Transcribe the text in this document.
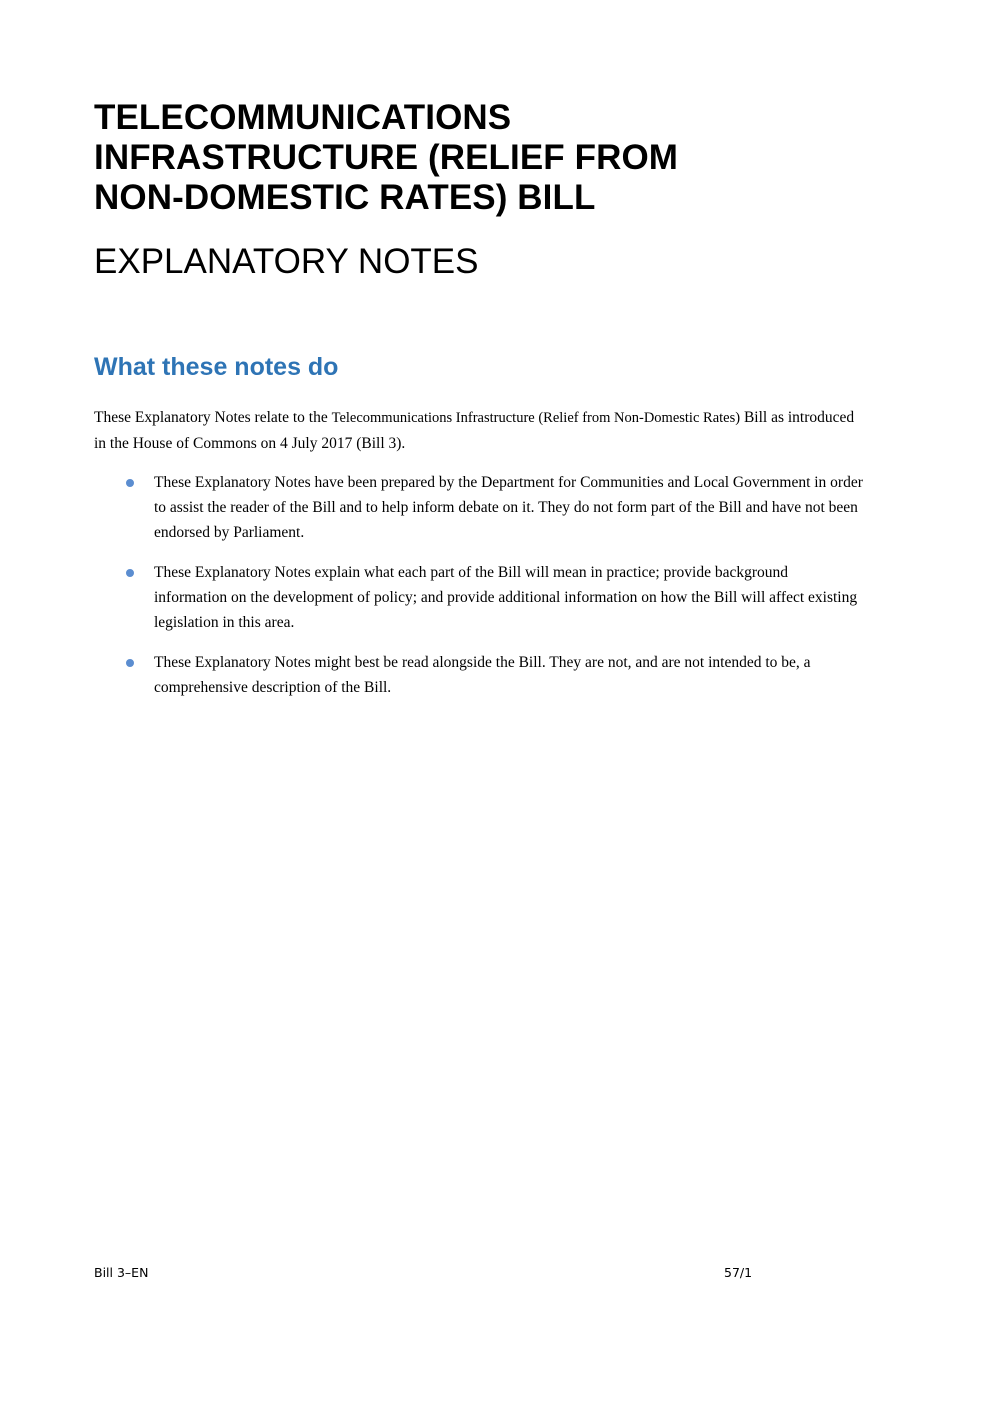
TELECOMMUNICATIONS
INFRASTRUCTURE (RELIEF FROM
NON-DOMESTIC RATES) BILL
EXPLANATORY NOTES
What these notes do

These Explanatory Notes relate to the Telecommunications Infrastructure (Relief from Non-Domestic Rates) Bill as introduced in the House of Commons on 4 July 2017 (Bill 3).

These Explanatory Notes have been prepared by the Department for Communities and Local Government in order to assist the reader of the Bill and to help inform debate on it. They do not form part of the Bill and have not been endorsed by Parliament.
These Explanatory Notes explain what each part of the Bill will mean in practice; provide background information on the development of policy; and provide additional information on how the Bill will affect existing legislation in this area.
These Explanatory Notes might best be read alongside the Bill. They are not, and are not intended to be, a comprehensive description of the Bill.
Bill 3–EN	57/1
